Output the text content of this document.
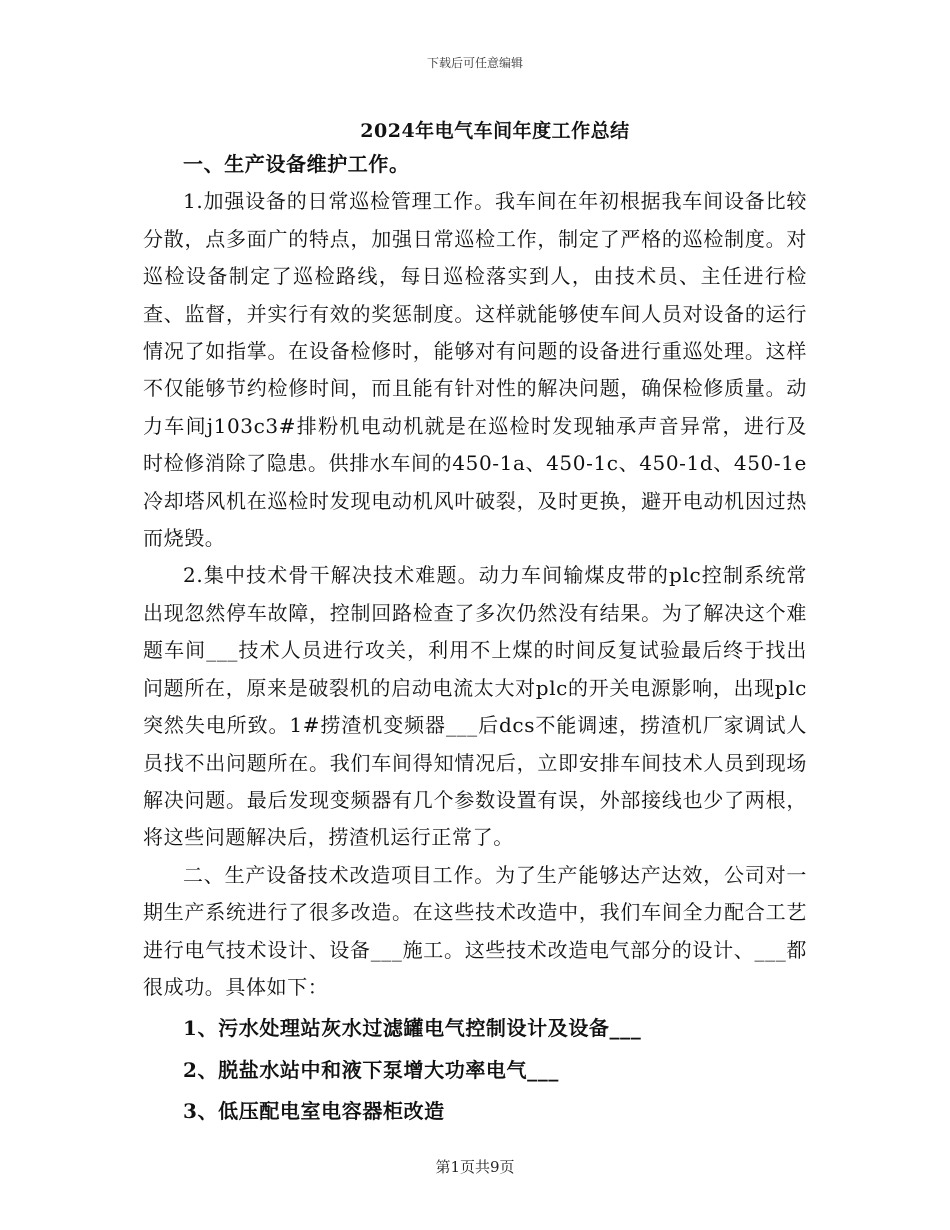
下载后可任意编辑
2024年电气车间年度工作总结

一、生产设备维护工作。

1.加强设备的日常巡检管理工作。我车间在年初根据我车间设备比较分散，点多面广的特点，加强日常巡检工作，制定了严格的巡检制度。对巡检设备制定了巡检路线，每日巡检落实到人，由技术员、主任进行检查、监督，并实行有效的奖惩制度。这样就能够使车间人员对设备的运行情况了如指掌。在设备检修时，能够对有问题的设备进行重巡处理。这样不仅能够节约检修时间，而且能有针对性的解决问题，确保检修质量。动力车间j103c3#排粉机电动机就是在巡检时发现轴承声音异常，进行及时检修消除了隐患。供排水车间的450-1a、450-1c、450-1d、450-1e冷却塔风机在巡检时发现电动机风叶破裂，及时更换，避开电动机因过热而烧毁。

2.集中技术骨干解决技术难题。动力车间输煤皮带的plc控制系统常出现忽然停车故障，控制回路检查了多次仍然没有结果。为了解决这个难题车间___技术人员进行攻关，利用不上煤的时间反复试验最后终于找出问题所在，原来是破裂机的启动电流太大对plc的开关电源影响，出现plc突然失电所致。1#捞渣机变频器___后dcs不能调速，捞渣机厂家调试人员找不出问题所在。我们车间得知情况后，立即安排车间技术人员到现场解决问题。最后发现变频器有几个参数设置有误，外部接线也少了两根，将这些问题解决后，捞渣机运行正常了。

二、生产设备技术改造项目工作。为了生产能够达产达效，公司对一期生产系统进行了很多改造。在这些技术改造中，我们车间全力配合工艺进行电气技术设计、设备___施工。这些技术改造电气部分的设计、___都很成功。具体如下：

1、污水处理站灰水过滤罐电气控制设计及设备___

2、脱盐水站中和液下泵增大功率电气___

3、低压配电室电容器柜改造

第1页共9页
